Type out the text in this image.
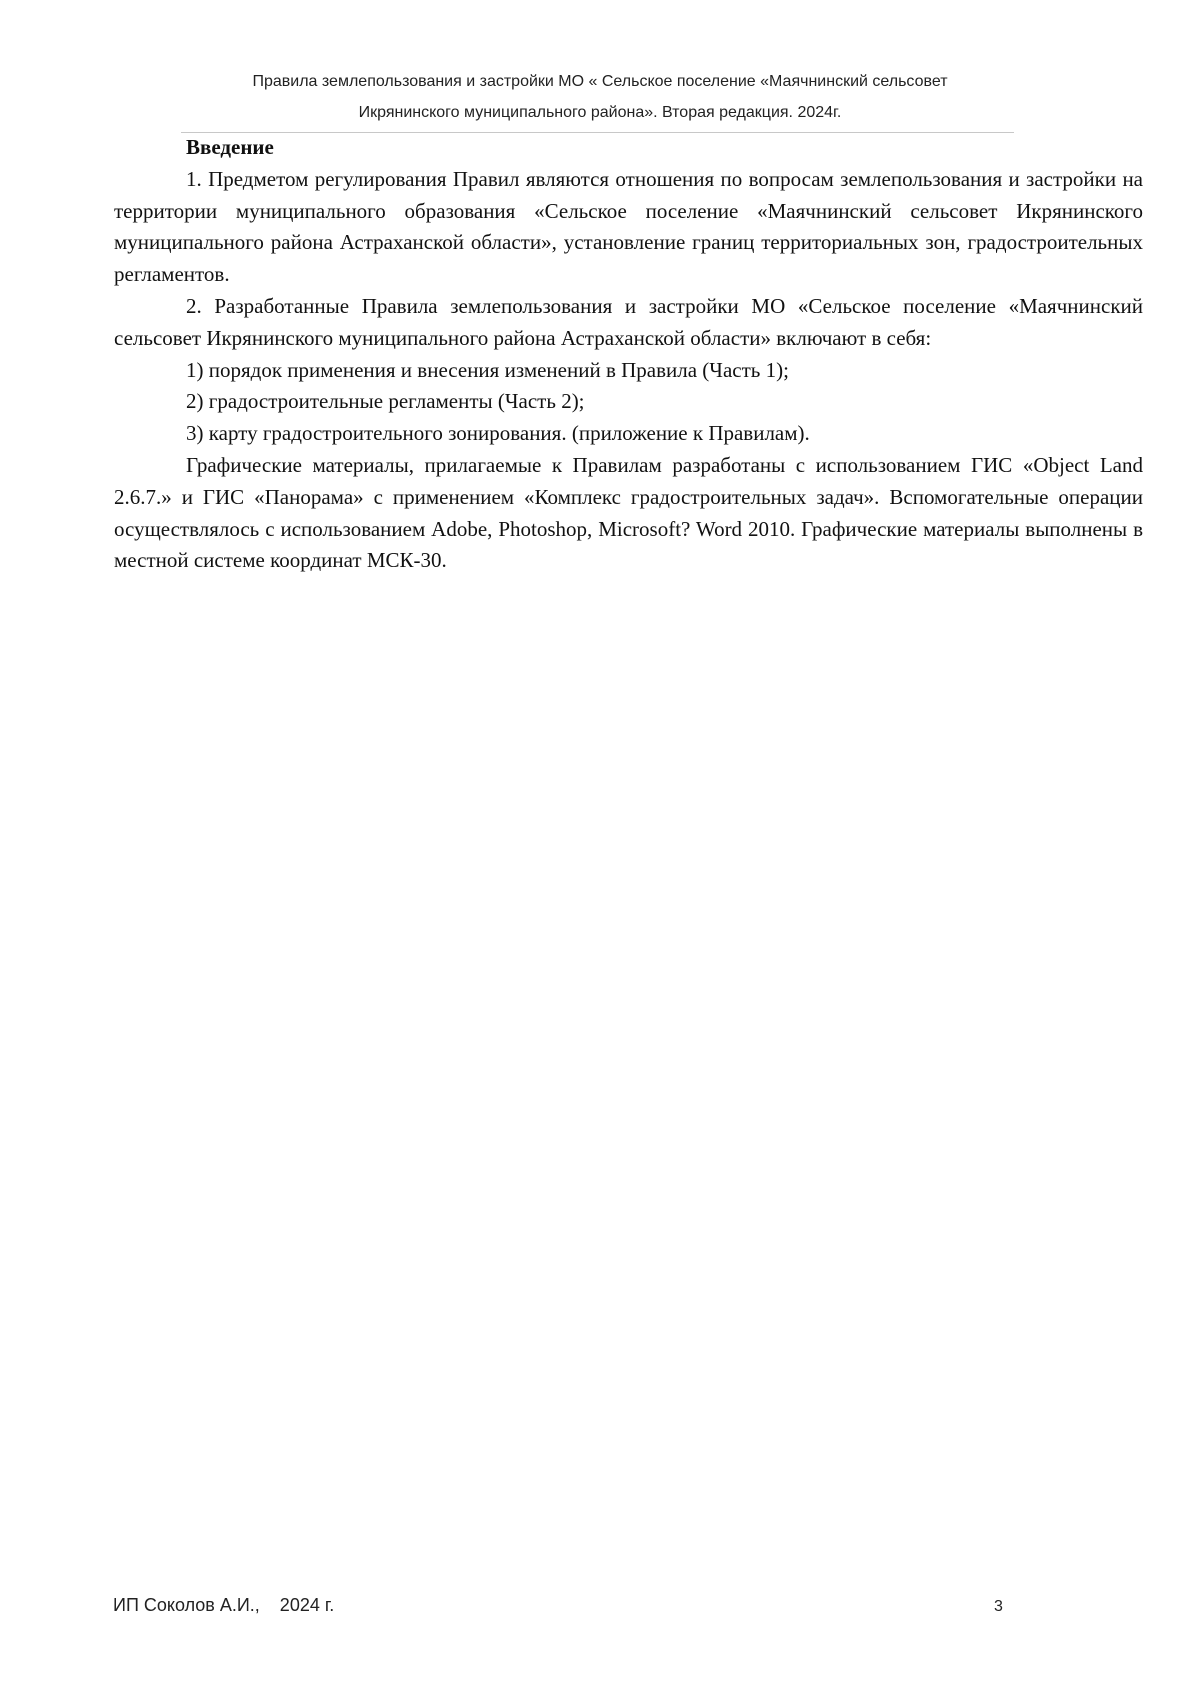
Правила землепользования и застройки МО « Сельское поселение «Маячнинский сельсовет
Икрянинского муниципального района». Вторая редакция. 2024г.

Введение

1. Предметом регулирования Правил являются отношения по вопросам землепользования и застройки на территории муниципального образования «Сельское поселение «Маячнинский сельсовет Икрянинского муниципального района Астраханской области», установление границ территориальных зон, градостроительных регламентов.

2. Разработанные Правила землепользования и застройки МО «Сельское поселение «Маячнинский сельсовет Икрянинского муниципального района Астраханской области» включают в себя:

1) порядок применения и внесения изменений в Правила (Часть 1);

2) градостроительные регламенты (Часть 2);

3) карту градостроительного зонирования. (приложение к Правилам).

Графические материалы, прилагаемые к Правилам разработаны с использованием ГИС «Object Land 2.6.7.» и ГИС «Панорама» с применением «Комплекс градостроительных задач». Вспомогательные операции осуществлялось с использованием Adobe, Photoshop, Microsoft? Word 2010. Графические материалы выполнены в местной системе координат МСК-30.

ИП Соколов А.И.,    2024 г.	3
